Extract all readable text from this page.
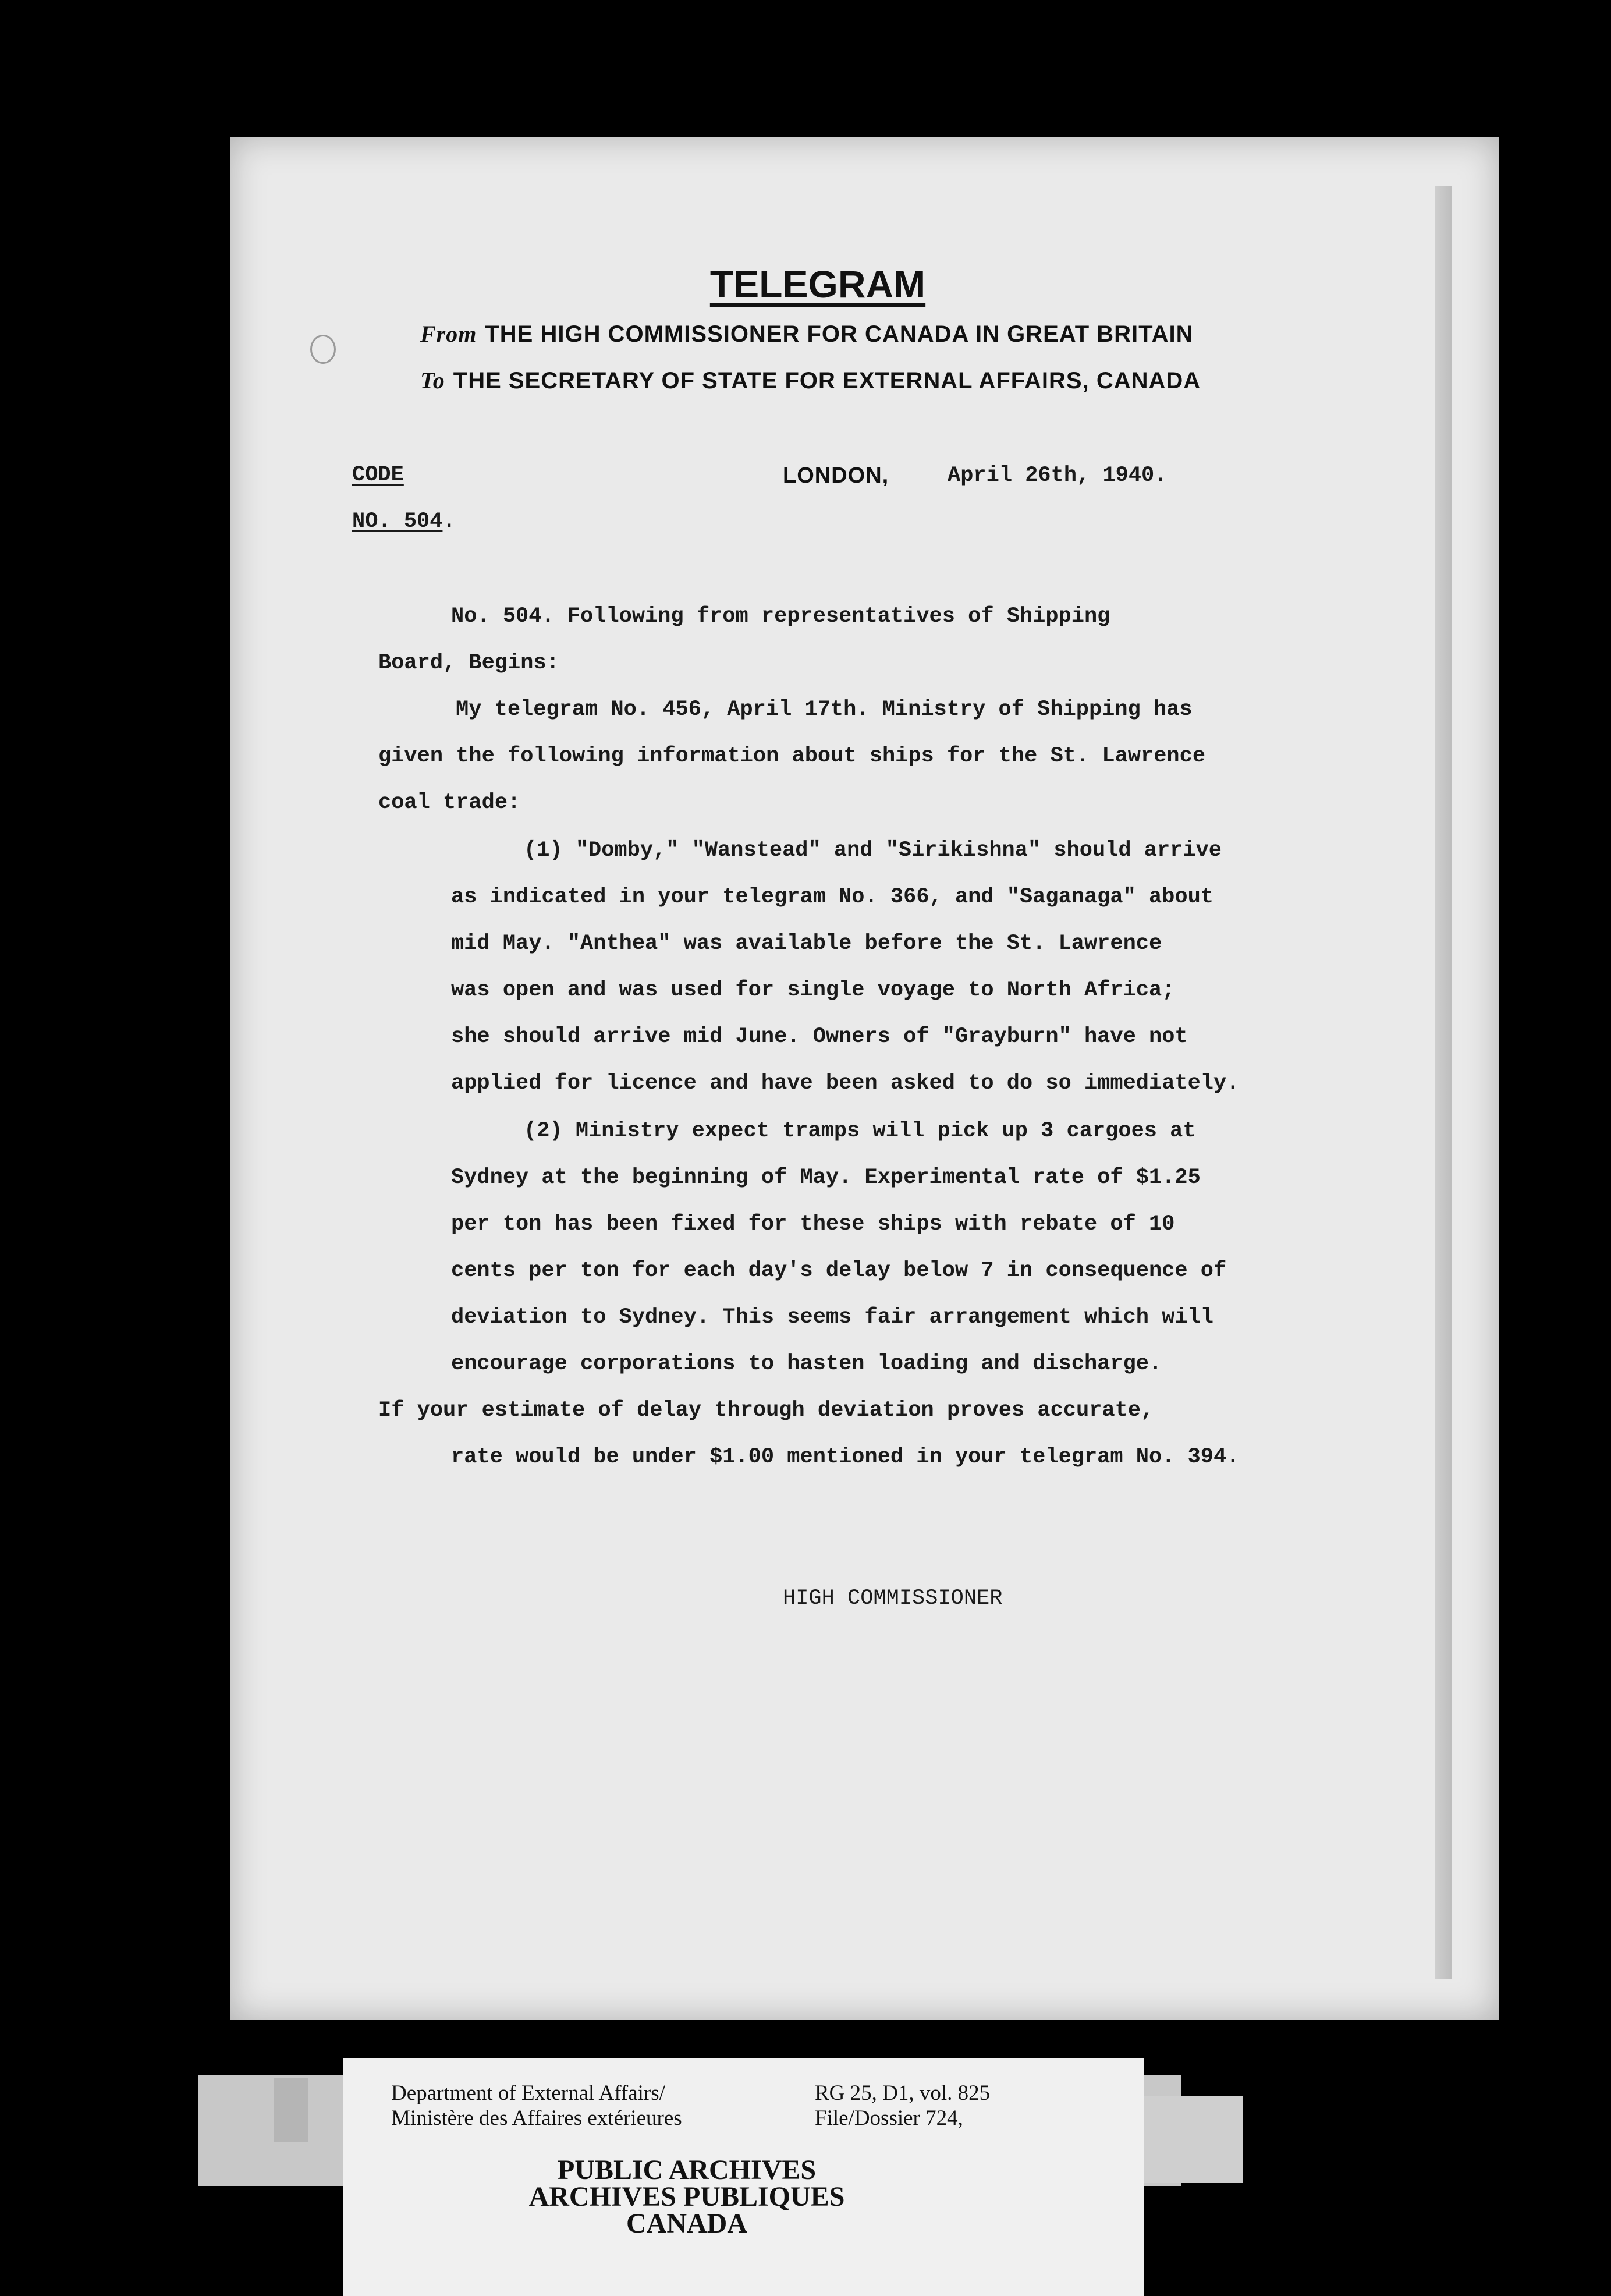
TELEGRAM
From THE HIGH COMMISSIONER FOR CANADA IN GREAT BRITAIN
To THE SECRETARY OF STATE FOR EXTERNAL AFFAIRS, CANADA
CODE
NO. 504.
LONDON,	April 26th, 1940.
No. 504. Following from representatives of Shipping
Board, Begins:
My telegram No. 456, April 17th. Ministry of Shipping has
given the following information about ships for the St. Lawrence
coal trade:
(1) "Domby," "Wanstead" and "Sirikishna" should arrive
as indicated in your telegram No. 366, and "Saganaga" about
mid May. "Anthea" was available before the St. Lawrence
was open and was used for single voyage to North Africa;
she should arrive mid June. Owners of "Grayburn" have not
applied for licence and have been asked to do so immediately.
(2) Ministry expect tramps will pick up 3 cargoes at
Sydney at the beginning of May. Experimental rate of $1.25
per ton has been fixed for these ships with rebate of 10
cents per ton for each day's delay below 7 in consequence of
deviation to Sydney. This seems fair arrangement which will
encourage corporations to hasten loading and discharge.
If your estimate of delay through deviation proves accurate,
rate would be under $1.00 mentioned in your telegram No. 394.
HIGH COMMISSIONER
Department of External Affairs/
Ministère des Affaires extérieures
RG 25, D1, vol. 825
File/Dossier 724,
PUBLIC ARCHIVES
ARCHIVES PUBLIQUES
CANADA
